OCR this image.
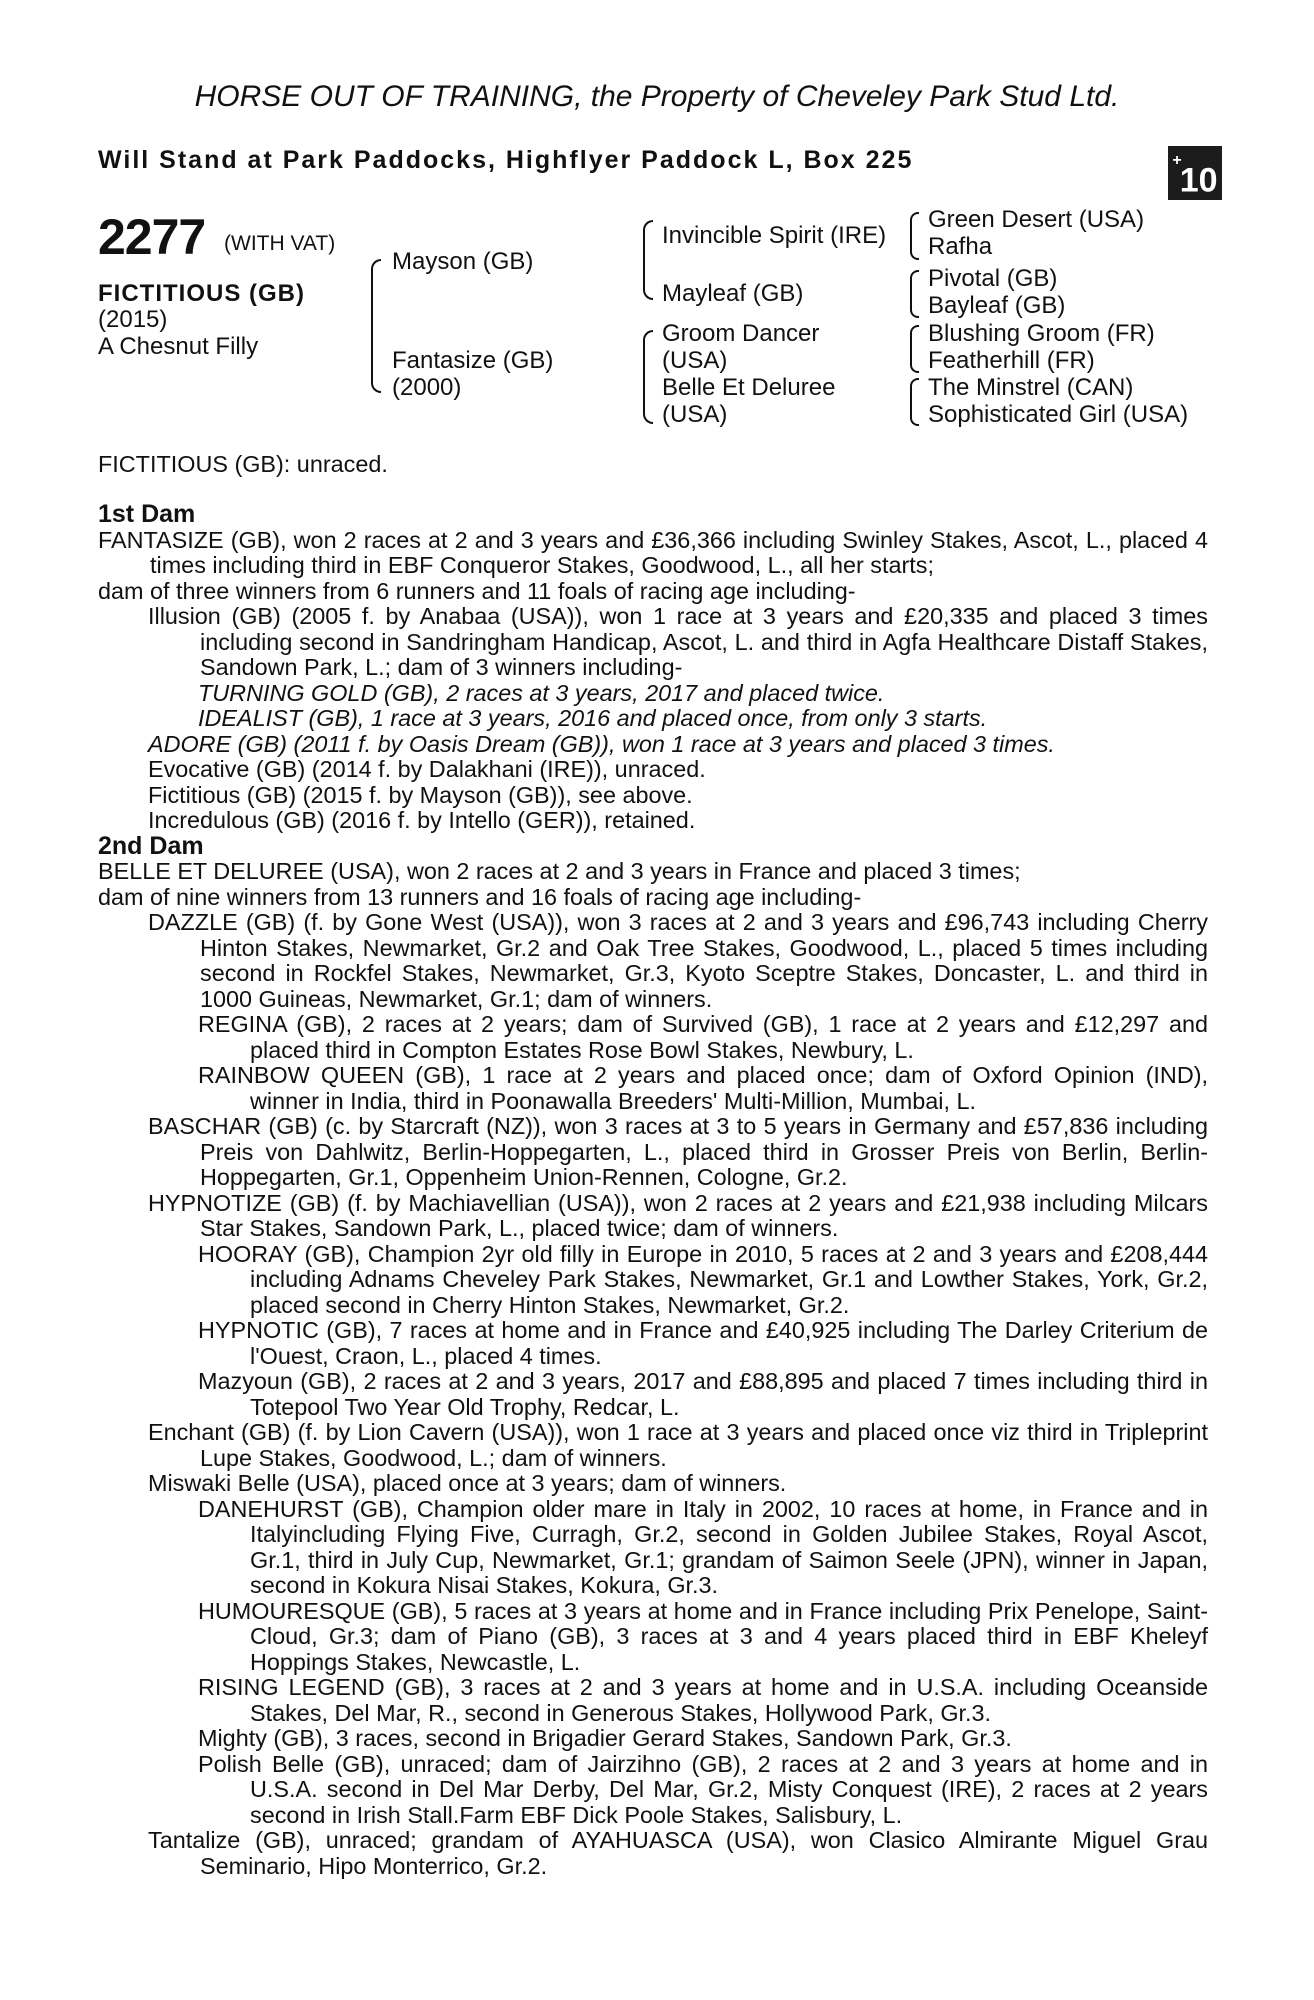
HORSE OUT OF TRAINING, the Property of Cheveley Park Stud Ltd.
Will Stand at Park Paddocks, Highflyer Paddock L, Box 225	+10
2277 (WITH VAT)
FICTITIOUS (GB)
(2015)
A Chesnut Filly
Mayson (GB)
Fantasize (GB)
(2000)
Invincible Spirit (IRE)
Mayleaf (GB)
Groom Dancer
(USA)
Belle Et Deluree
(USA)
Green Desert (USA)
Rafha
Pivotal (GB)
Bayleaf (GB)
Blushing Groom (FR)
Featherhill (FR)
The Minstrel (CAN)
Sophisticated Girl (USA)
FICTITIOUS (GB): unraced.

1st Dam

FANTASIZE (GB), won 2 races at 2 and 3 years and £36,366 including Swinley Stakes, Ascot, L., placed 4 times including third in EBF Conqueror Stakes, Goodwood, L., all her starts;

dam of three winners from 6 runners and 11 foals of racing age including-

Illusion (GB) (2005 f. by Anabaa (USA)), won 1 race at 3 years and £20,335 and placed 3 times including second in Sandringham Handicap, Ascot, L. and third in Agfa Healthcare Distaff Stakes, Sandown Park, L.; dam of 3 winners including-

TURNING GOLD (GB), 2 races at 3 years, 2017 and placed twice.

IDEALIST (GB), 1 race at 3 years, 2016 and placed once, from only 3 starts.

ADORE (GB) (2011 f. by Oasis Dream (GB)), won 1 race at 3 years and placed 3 times.

Evocative (GB) (2014 f. by Dalakhani (IRE)), unraced.

Fictitious (GB) (2015 f. by Mayson (GB)), see above.

Incredulous (GB) (2016 f. by Intello (GER)), retained.

2nd Dam

BELLE ET DELUREE (USA), won 2 races at 2 and 3 years in France and placed 3 times;

dam of nine winners from 13 runners and 16 foals of racing age including-

DAZZLE (GB) (f. by Gone West (USA)), won 3 races at 2 and 3 years and £96,743 including Cherry Hinton Stakes, Newmarket, Gr.2 and Oak Tree Stakes, Goodwood, L., placed 5 times including second in Rockfel Stakes, Newmarket, Gr.3, Kyoto Sceptre Stakes, Doncaster, L. and third in 1000 Guineas, Newmarket, Gr.1; dam of winners.

REGINA (GB), 2 races at 2 years; dam of Survived (GB), 1 race at 2 years and £12,297 and placed third in Compton Estates Rose Bowl Stakes, Newbury, L.

RAINBOW QUEEN (GB), 1 race at 2 years and placed once; dam of Oxford Opinion (IND), winner in India, third in Poonawalla Breeders' Multi-Million, Mumbai, L.

BASCHAR (GB) (c. by Starcraft (NZ)), won 3 races at 3 to 5 years in Germany and £57,836 including Preis von Dahlwitz, Berlin-Hoppegarten, L., placed third in Grosser Preis von Berlin, Berlin-Hoppegarten, Gr.1, Oppenheim Union-Rennen, Cologne, Gr.2.

HYPNOTIZE (GB) (f. by Machiavellian (USA)), won 2 races at 2 years and £21,938 including Milcars Star Stakes, Sandown Park, L., placed twice; dam of winners.

HOORAY (GB), Champion 2yr old filly in Europe in 2010, 5 races at 2 and 3 years and £208,444 including Adnams Cheveley Park Stakes, Newmarket, Gr.1 and Lowther Stakes, York, Gr.2, placed second in Cherry Hinton Stakes, Newmarket, Gr.2.

HYPNOTIC (GB), 7 races at home and in France and £40,925 including The Darley Criterium de l'Ouest, Craon, L., placed 4 times.

Mazyoun (GB), 2 races at 2 and 3 years, 2017 and £88,895 and placed 7 times including third in Totepool Two Year Old Trophy, Redcar, L.

Enchant (GB) (f. by Lion Cavern (USA)), won 1 race at 3 years and placed once viz third in Tripleprint Lupe Stakes, Goodwood, L.; dam of winners.

Miswaki Belle (USA), placed once at 3 years; dam of winners.

DANEHURST (GB), Champion older mare in Italy in 2002, 10 races at home, in France and in Italyincluding Flying Five, Curragh, Gr.2, second in Golden Jubilee Stakes, Royal Ascot, Gr.1, third in July Cup, Newmarket, Gr.1; grandam of Saimon Seele (JPN), winner in Japan, second in Kokura Nisai Stakes, Kokura, Gr.3.

HUMOURESQUE (GB), 5 races at 3 years at home and in France including Prix Penelope, Saint-Cloud, Gr.3; dam of Piano (GB), 3 races at 3 and 4 years placed third in EBF Kheleyf Hoppings Stakes, Newcastle, L.

RISING LEGEND (GB), 3 races at 2 and 3 years at home and in U.S.A. including Oceanside Stakes, Del Mar, R., second in Generous Stakes, Hollywood Park, Gr.3.

Mighty (GB), 3 races, second in Brigadier Gerard Stakes, Sandown Park, Gr.3.

Polish Belle (GB), unraced; dam of Jairzihno (GB), 2 races at 2 and 3 years at home and in U.S.A. second in Del Mar Derby, Del Mar, Gr.2, Misty Conquest (IRE), 2 races at 2 years second in Irish Stall.Farm EBF Dick Poole Stakes, Salisbury, L.

Tantalize (GB), unraced; grandam of AYAHUASCA (USA), won Clasico Almirante Miguel Grau Seminario, Hipo Monterrico, Gr.2.
